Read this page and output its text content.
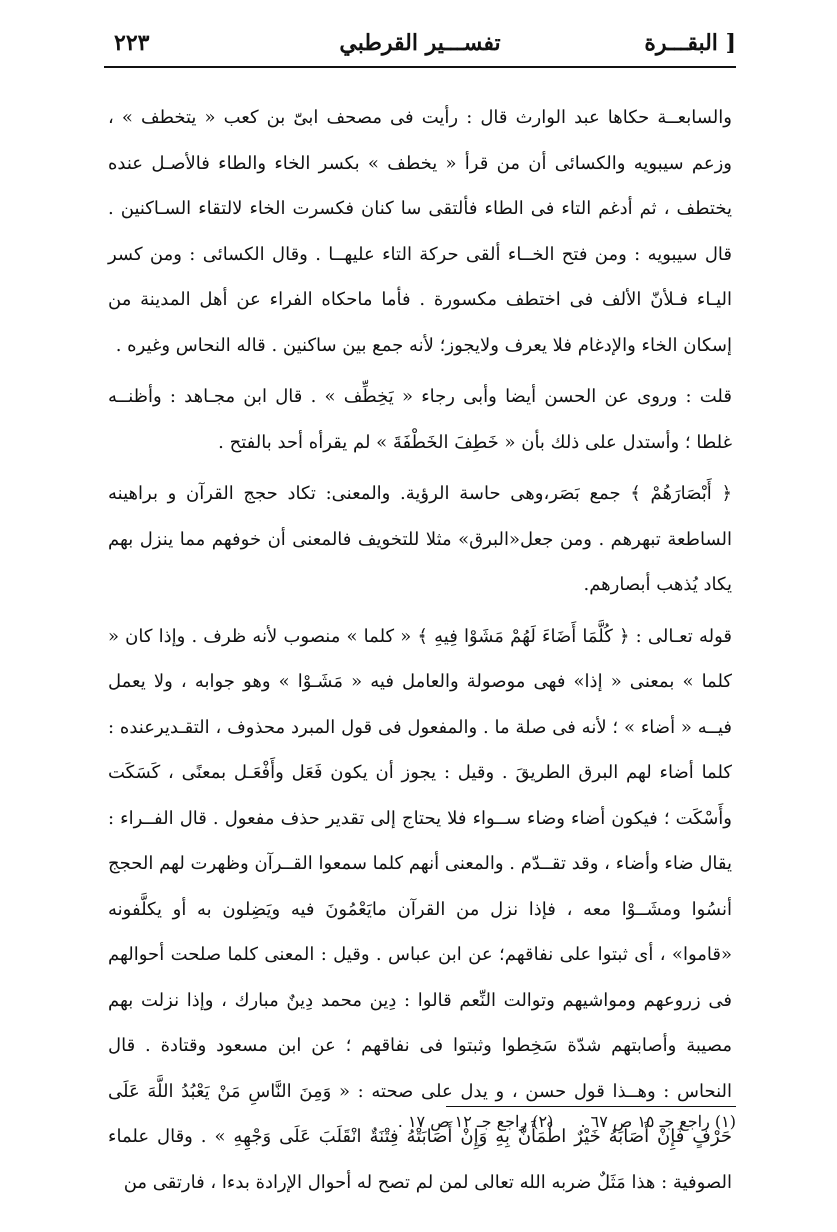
٢٢٣	تفســـير القرطبي	البقـــرة ]

والسابعــة حكاها عبد الوارث قال : رأيت فى مصحف ابىّ بن كعب « يتخطف » ، وزعم سيبويه والكسائى أن من قرأ « يخطف » بكسر الخاء والطاء فالأصـل عنده يختطف ، ثم أدغم التاء فى الطاء فألتقى سا كنان فكسرت الخاء لالتقاء السـاكنين . قال سيبويه : ومن فتح الخــاء ألقى حركة التاء عليهــا . وقال الكسائى : ومن كسر اليـاء فـلأنّ الألف فى اختطف مكسورة . فأما ماحكاه الفراء عن أهل المدينة من إسكان الخاء والإدغام فلا يعرف ولايجوز؛ لأنه جمع بين ساكنين . قاله النحاس وغيره .

قلت : وروى عن الحسن أيضا وأبى رجاء « يَخِطِّف » . قال ابن مجـاهد : وأظنــه غلطا ؛ وأستدل على ذلك بأن « خَطِفَ الخَطْفَةَ » لم يقرأه أحد بالفتح .

﴿ أَبْصَارَهُمْ ﴾ جمع بَصَر،وهى حاسة الرؤية. والمعنى: تكاد حجج القرآن و براهينه الساطعة تبهرهم . ومن جعل«البرق» مثلا للتخويف فالمعنى أن خوفهم مما ينزل بهم يكاد يُذهب أبصارهم.

قوله تعـالى : ﴿ كُلَّمَا أَضَاءَ لَهُمْ مَشَوْا فِيهِ ﴾ « كلما » منصوب لأنه ظرف . وإذا كان « كلما » بمعنى « إذا» فهى موصولة والعامل فيه « مَشَـوْا » وهو جوابه ، ولا يعمل فيــه « أضاء » ؛ لأنه فى صلة ما . والمفعول فى قول المبرد محذوف ، التقـديرعنده : كلما أضاء لهم البرق الطريقَ . وقيل : يجوز أن يكون فَعَل وأَفْعَـل بمعنًى ، كَسَكَت وأَسْكَت ؛ فيكون أضاء وضاء ســواء فلا يحتاج إلى تقدير حذف مفعول . قال الفــراء : يقال ضاء وأضاء ، وقد تقــدّم . والمعنى أنهم كلما سمعوا القــرآن وظهرت لهم الحجج أنسُوا ومشَــوْا معه ، فإذا نزل من القرآن مايَعْمُونَ فيه ويَضِلون به أو يكلَّفونه «قاموا» ، أى ثبتوا على نفاقهم؛ عن ابن عباس . وقيل : المعنى كلما صلحت أحوالهم فى زروعهم ومواشيهم وتوالت النِّعم قالوا : دِين محمد دِينٌ مبارك ، وإذا نزلت بهم مصيبة وأصابتهم شدّة سَخِطوا وثبتوا فى نفاقهم ؛ عن ابن مسعود وقتادة . قال النحاس : وهــذا قول حسن ، و يدل على صحته : « وَمِنَ النَّاسِ مَنْ يَعْبُدُ اللَّهَ عَلَى حَرْفٍ فَإِنْ أَصَابَهُ خَيْرٌ اطْمَأَنَّ بِهِ وَإِنْ أَصَابَتْهُ فِتْنَةٌ انْقَلَبَ عَلَى وَجْهِهِ » . وقال علماء الصوفية : هذا مَثَلٌ ضربه الله تعالى لمن لم تصح له أحوال الإرادة بدءا ، فارتقى من

(١) راجع جـ ١٥ ص ٦٧ . (٢) راجع جـ ١٢ ص ١٧ .
